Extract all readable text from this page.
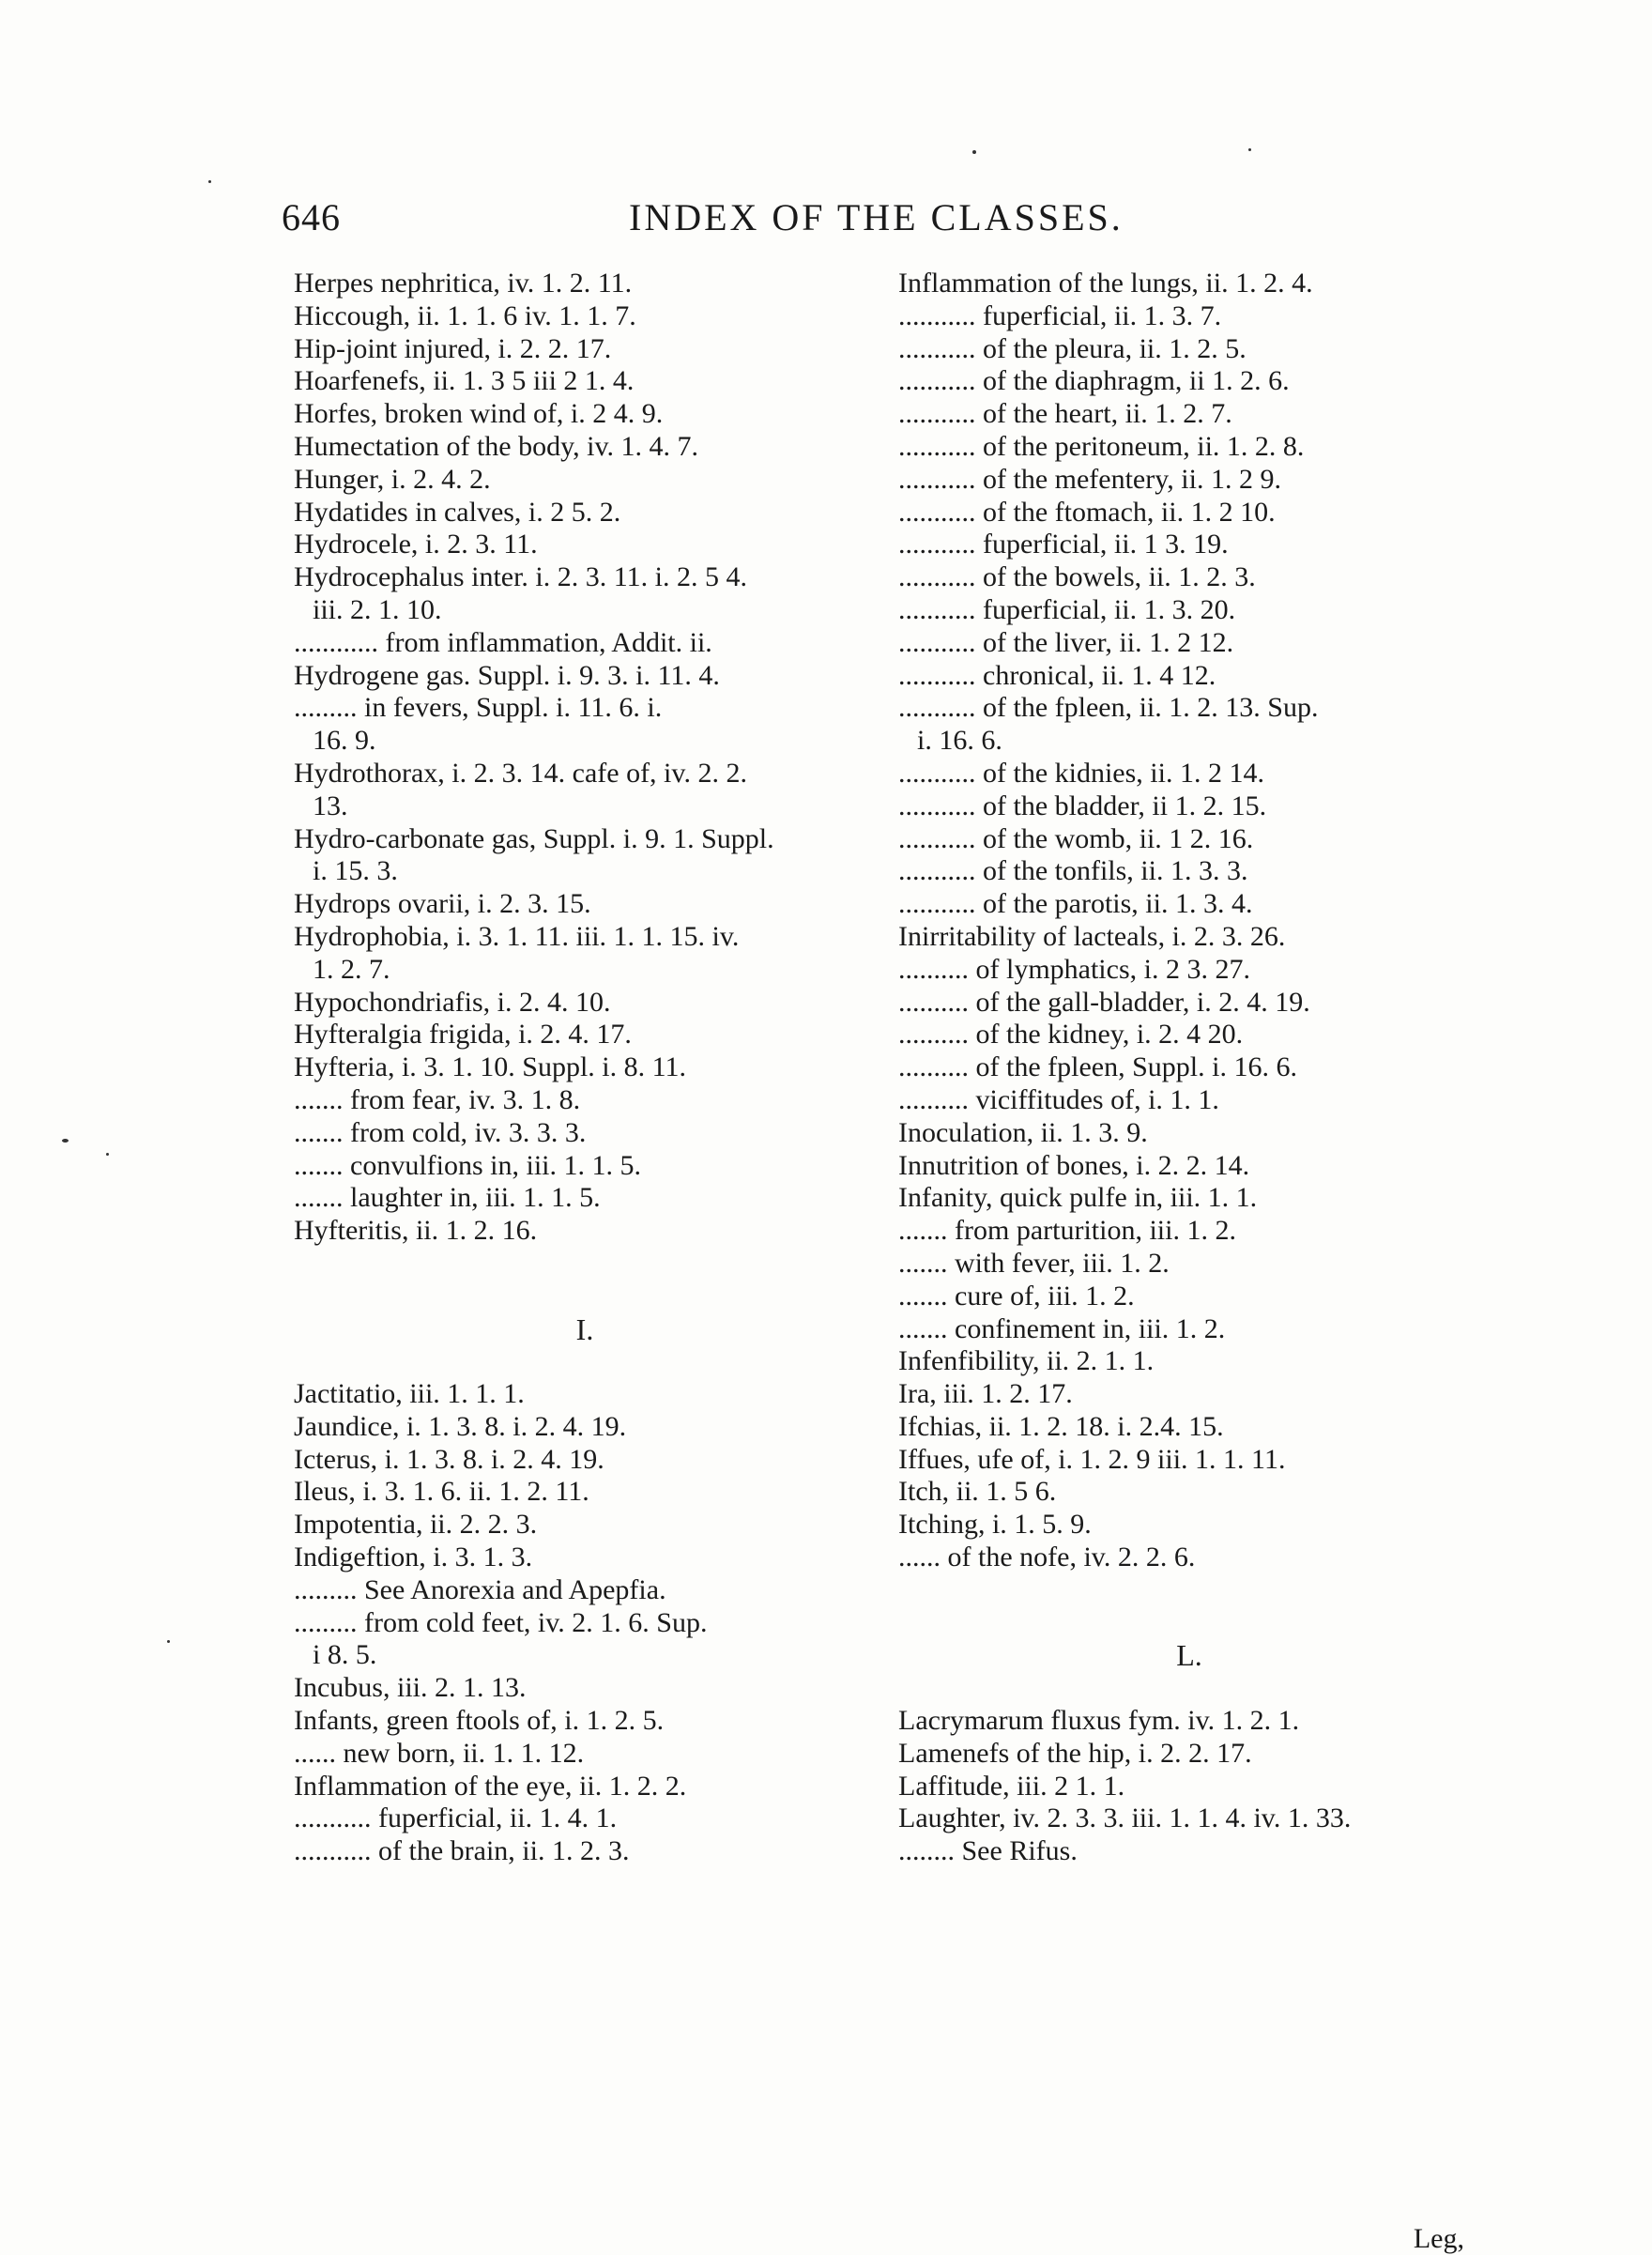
646	INDEX OF THE CLASSES.
Herpes nephritica, iv. 1. 2. 11.
Hiccough, ii. 1. 1. 6 iv. 1. 1. 7.
Hip-joint injured, i. 2. 2. 17.
Hoarfenefs, ii. 1. 3 5 iii 2 1. 4.
Horfes, broken wind of, i. 2 4. 9.
Humectation of the body, iv. 1. 4. 7.
Hunger, i. 2. 4. 2.
Hydatides in calves, i. 2 5. 2.
Hydrocele, i. 2. 3. 11.
Hydrocephalus inter. i. 2. 3. 11. i. 2. 5 4.
iii. 2. 1. 10.
............ from inflammation, Addit. ii.
Hydrogene gas. Suppl. i. 9. 3. i. 11. 4.
......... in fevers, Suppl. i. 11. 6. i.
16. 9.
Hydrothorax, i. 2. 3. 14. cafe of, iv. 2. 2.
13.
Hydro-carbonate gas, Suppl. i. 9. 1. Suppl.
i. 15. 3.
Hydrops ovarii, i. 2. 3. 15.
Hydrophobia, i. 3. 1. 11. iii. 1. 1. 15. iv.
1. 2. 7.
Hypochondriafis, i. 2. 4. 10.
Hyfteralgia frigida, i. 2. 4. 17.
Hyfteria, i. 3. 1. 10. Suppl. i. 8. 11.
....... from fear, iv. 3. 1. 8.
....... from cold, iv. 3. 3. 3.
....... convulfions in, iii. 1. 1. 5.
....... laughter in, iii. 1. 1. 5.
Hyfteritis, ii. 1. 2. 16.
I.
Jactitatio, iii. 1. 1. 1.
Jaundice, i. 1. 3. 8. i. 2. 4. 19.
Icterus, i. 1. 3. 8. i. 2. 4. 19.
Ileus, i. 3. 1. 6. ii. 1. 2. 11.
Impotentia, ii. 2. 2. 3.
Indigeftion, i. 3. 1. 3.
......... See Anorexia and Apepfia.
......... from cold feet, iv. 2. 1. 6. Sup.
i 8. 5.
Incubus, iii. 2. 1. 13.
Infants, green ftools of, i. 1. 2. 5.
...... new born, ii. 1. 1. 12.
Inflammation of the eye, ii. 1. 2. 2.
........... fuperficial, ii. 1. 4. 1.
........... of the brain, ii. 1. 2. 3.
Inflammation of the lungs, ii. 1. 2. 4.
........... fuperficial, ii. 1. 3. 7.
........... of the pleura, ii. 1. 2. 5.
........... of the diaphragm, ii 1. 2. 6.
........... of the heart, ii. 1. 2. 7.
........... of the peritoneum, ii. 1. 2. 8.
........... of the mefentery, ii. 1. 2 9.
........... of the ftomach, ii. 1. 2 10.
........... fuperficial, ii. 1 3. 19.
........... of the bowels, ii. 1. 2. 3.
........... fuperficial, ii. 1. 3. 20.
........... of the liver, ii. 1. 2 12.
........... chronical, ii. 1. 4 12.
........... of the fpleen, ii. 1. 2. 13. Sup.
i. 16. 6.
........... of the kidnies, ii. 1. 2 14.
........... of the bladder, ii 1. 2. 15.
........... of the womb, ii. 1 2. 16.
........... of the tonfils, ii. 1. 3. 3.
........... of the parotis, ii. 1. 3. 4.
Inirritability of lacteals, i. 2. 3. 26.
.......... of lymphatics, i. 2 3. 27.
.......... of the gall-bladder, i. 2. 4. 19.
.......... of the kidney, i. 2. 4 20.
.......... of the fpleen, Suppl. i. 16. 6.
.......... viciffitudes of, i. 1. 1.
Inoculation, ii. 1. 3. 9.
Innutrition of bones, i. 2. 2. 14.
Infanity, quick pulfe in, iii. 1. 1.
....... from parturition, iii. 1. 2.
....... with fever, iii. 1. 2.
....... cure of, iii. 1. 2.
....... confinement in, iii. 1. 2.
Infenfibility, ii. 2. 1. 1.
Ira, iii. 1. 2. 17.
Ifchias, ii. 1. 2. 18. i. 2.4. 15.
Iffues, ufe of, i. 1. 2. 9 iii. 1. 1. 11.
Itch, ii. 1. 5 6.
Itching, i. 1. 5. 9.
...... of the nofe, iv. 2. 2. 6.
L.
Lacrymarum fluxus fym. iv. 1. 2. 1.
Lamenefs of the hip, i. 2. 2. 17.
Laffitude, iii. 2 1. 1.
Laughter, iv. 2. 3. 3. iii. 1. 1. 4. iv. 1. 33.
........ See Rifus.
Leg,
